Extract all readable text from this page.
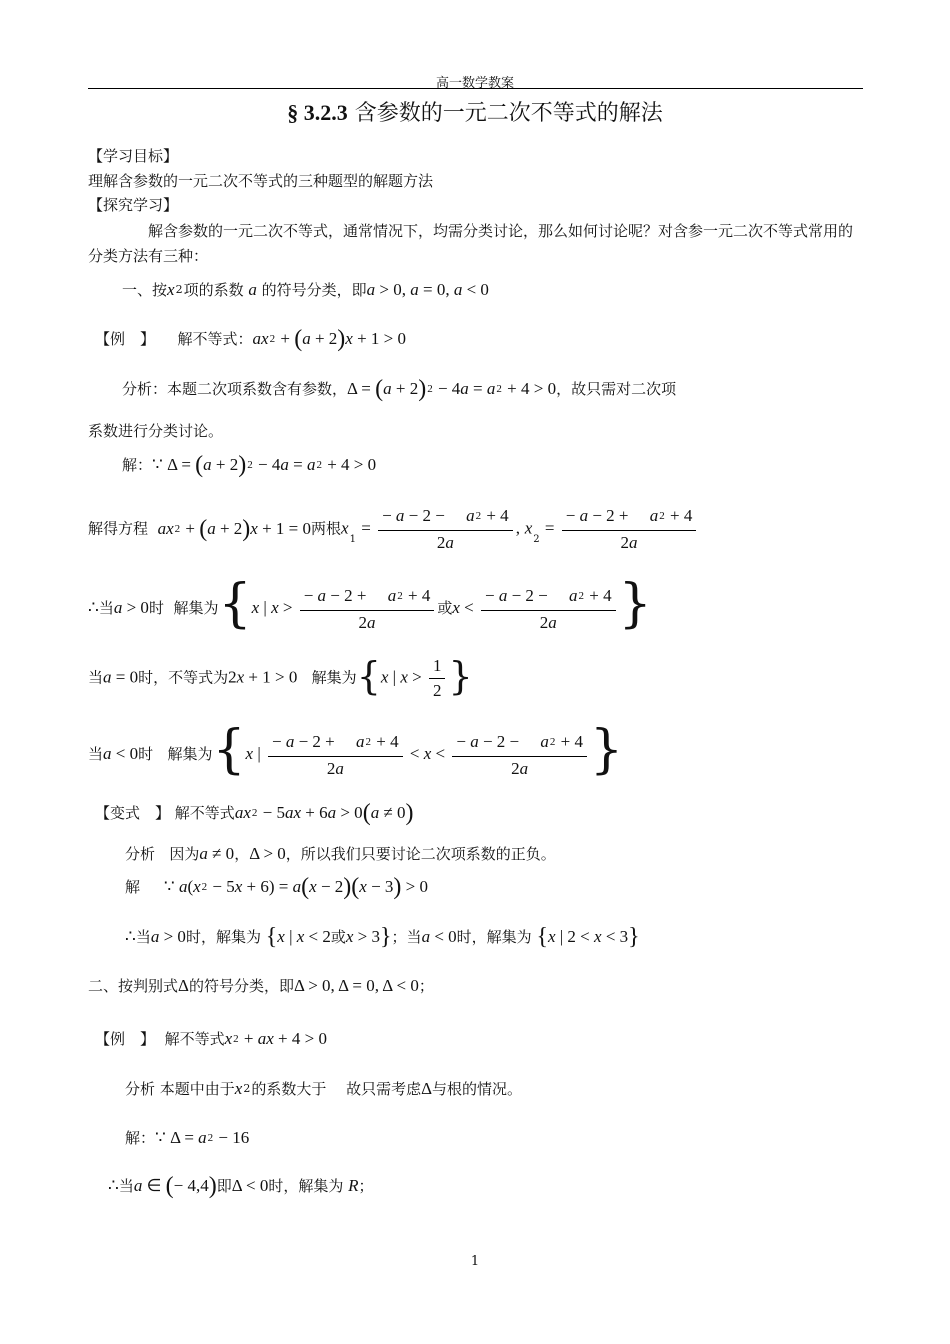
高一数学教案
§ 3.2.3 含参数的一元二次不等式的解法
【学习目标】
理解含参数的一元二次不等式的三种题型的解题方法
【探究学习】
解含参数的一元二次不等式，通常情况下，均需分类讨论，那么如何讨论呢？对含参一元二次不等式常用的分类方法有三种：
一、按x2项的系数 a 的符号分类，即a > 0, a = 0, a < 0
【例　】　　 解不等式：ax2 + (a + 2)x + 1 > 0
分析：本题二次项系数含有参数，Δ = (a + 2)2 − 4a = a2 + 4 > 0，故只需对二次项
系数进行分类讨论。
解：∵ Δ = (a + 2)2 − 4a = a2 + 4 > 0
解得方程 ax2 + (a + 2)x + 1 = 0两根$x_1 = \frac{- a - 2 - a2 + 4}{2a}$ , $x_2 = \frac{- a - 2 + a2 + 4}{2a}$
∴当a > 0时 解集为{x | $x > \frac{- a - 2 + a2 + 4}{2a}$ 或$x < \frac{- a - 2 - a2 + 4}{2a}$ }
当a = 0时，不等式为2x + 1 > 0 解集为{x | $x > \frac{1}{2}$ }
当a < 0时 解集为{x | $\frac{- a - 2 + a2 + 4}{2a} < x < \frac{- a - 2 - a2 + 4}{2a}$ }
【变式　】 解不等式ax2 − 5ax + 6a > 0(a ≠ 0)
分析 因为a ≠ 0，Δ > 0，所以我们只要讨论二次项系数的正负。
解 ∵ a(x2 − 5x + 6) = a(x − 2)(x − 3) > 0
∴当a > 0时，解集为 {x | x < 2或x > 3}；当a < 0时，解集为 {x | 2 < x < 3}
二、按判别式Δ的符号分类，即Δ > 0, Δ = 0, Δ < 0；
【例　】 解不等式x2 + ax + 4 > 0
分析 本题中由于x2的系数大于　 故只需考虑Δ与根的情况。
解：∵ Δ = a2 − 16
∴当a ∈ (− 4,4)即Δ < 0时，解集为 R；
1
